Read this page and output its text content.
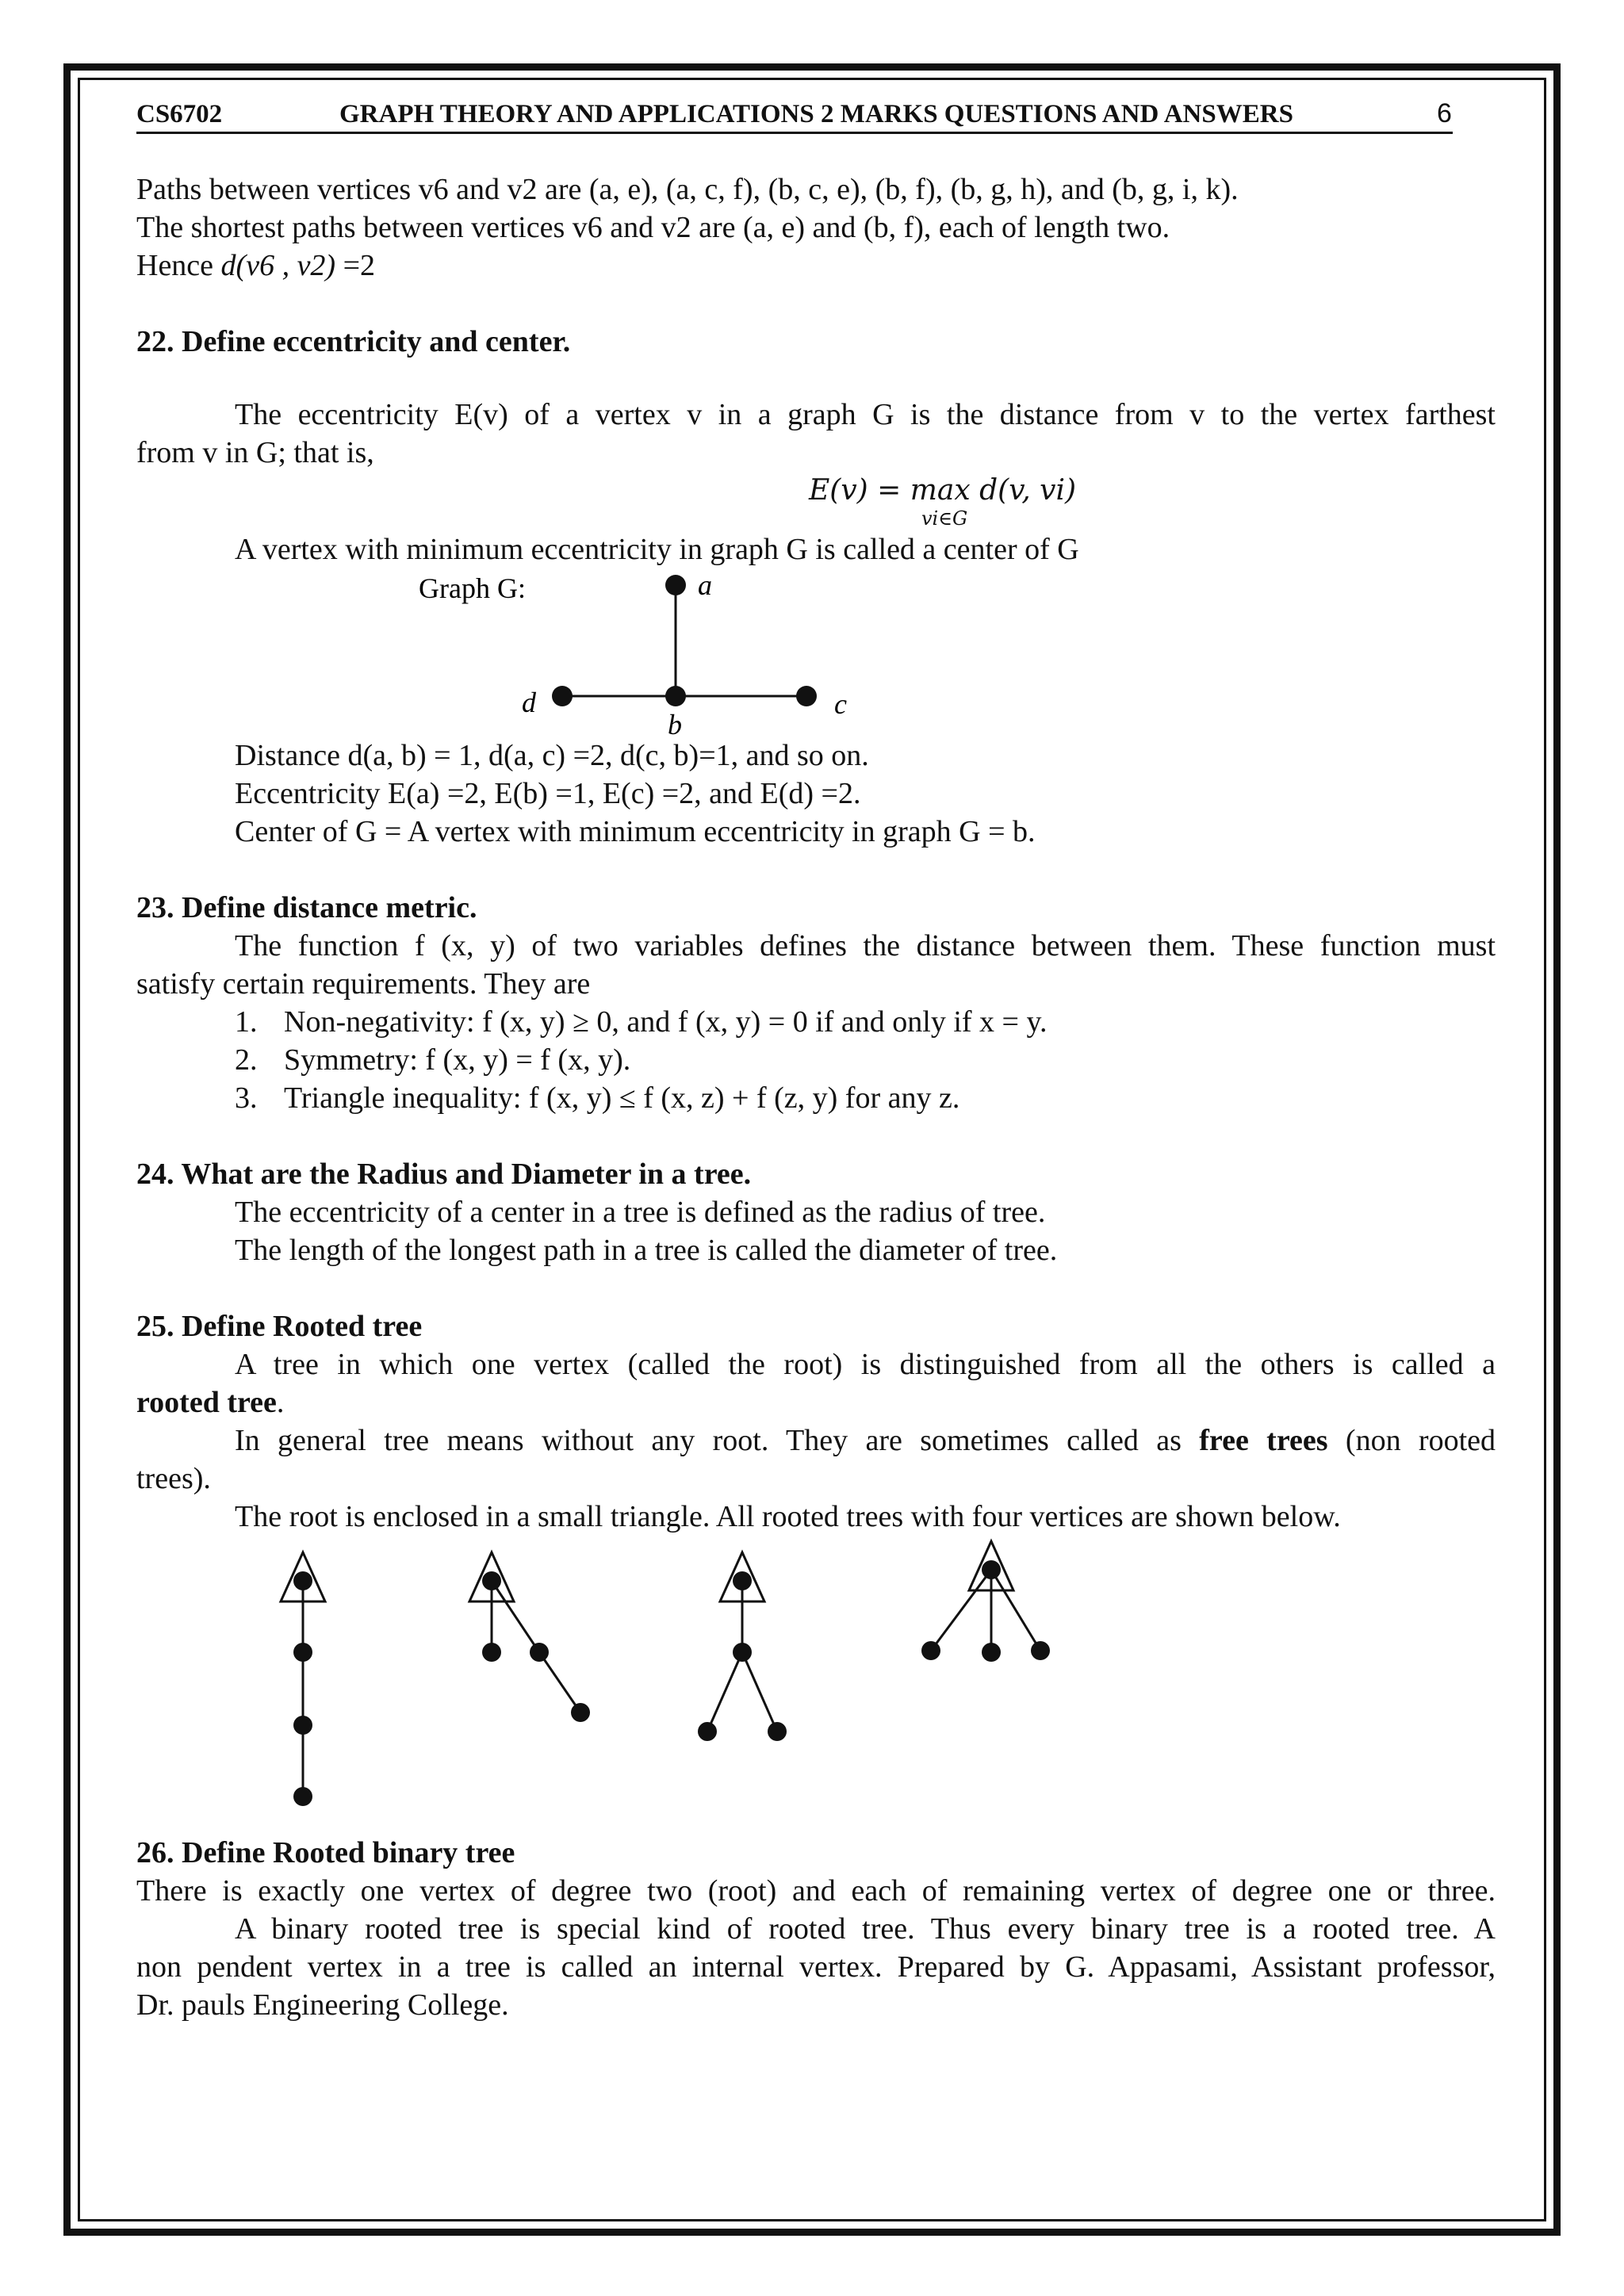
CS6702	GRAPH THEORY AND APPLICATIONS 2 MARKS QUESTIONS AND ANSWERS	6
Paths between vertices v6 and v2 are (a, e), (a, c, f), (b, c, e), (b, f), (b, g, h), and (b, g, i, k).
The shortest paths between vertices v6 and v2 are (a, e) and (b, f), each of length two.
Hence d(v6 , v2) =2
22. Define eccentricity and center.
The eccentricity E(v) of a vertex v in a graph G is the distance from v to the vertex farthest
from v in G; that is,
E(v) = max d(v, vi)
vi∈G
A vertex with minimum eccentricity in graph G is called a center of G
Graph G:	a
b
c
d
Distance d(a, b) = 1, d(a, c) =2, d(c, b)=1, and so on.
Eccentricity E(a) =2, E(b) =1, E(c) =2, and E(d) =2.
Center of G = A vertex with minimum eccentricity in graph G = b.
23. Define distance metric.
The function f (x, y) of two variables defines the distance between them. These function must
satisfy certain requirements. They are
1. Non-negativity: f (x, y) ≥ 0, and f (x, y) = 0 if and only if x = y.
2. Symmetry: f (x, y) = f (x, y).
3. Triangle inequality: f (x, y) ≤ f (x, z) + f (z, y) for any z.
24. What are the Radius and Diameter in a tree.
The eccentricity of a center in a tree is defined as the radius of tree.
The length of the longest path in a tree is called the diameter of tree.
25. Define Rooted tree
A tree in which one vertex (called the root) is distinguished from all the others is called a
rooted tree.
In general tree means without any root. They are sometimes called as free trees (non rooted
trees).
The root is enclosed in a small triangle. All rooted trees with four vertices are shown below.
26. Define Rooted binary tree
There is exactly one vertex of degree two (root) and each of remaining vertex of degree one or three.
A binary rooted tree is special kind of rooted tree. Thus every binary tree is a rooted tree. A
non pendent vertex in a tree is called an internal vertex. Prepared by G. Appasami, Assistant professor,
Dr. pauls Engineering College.
